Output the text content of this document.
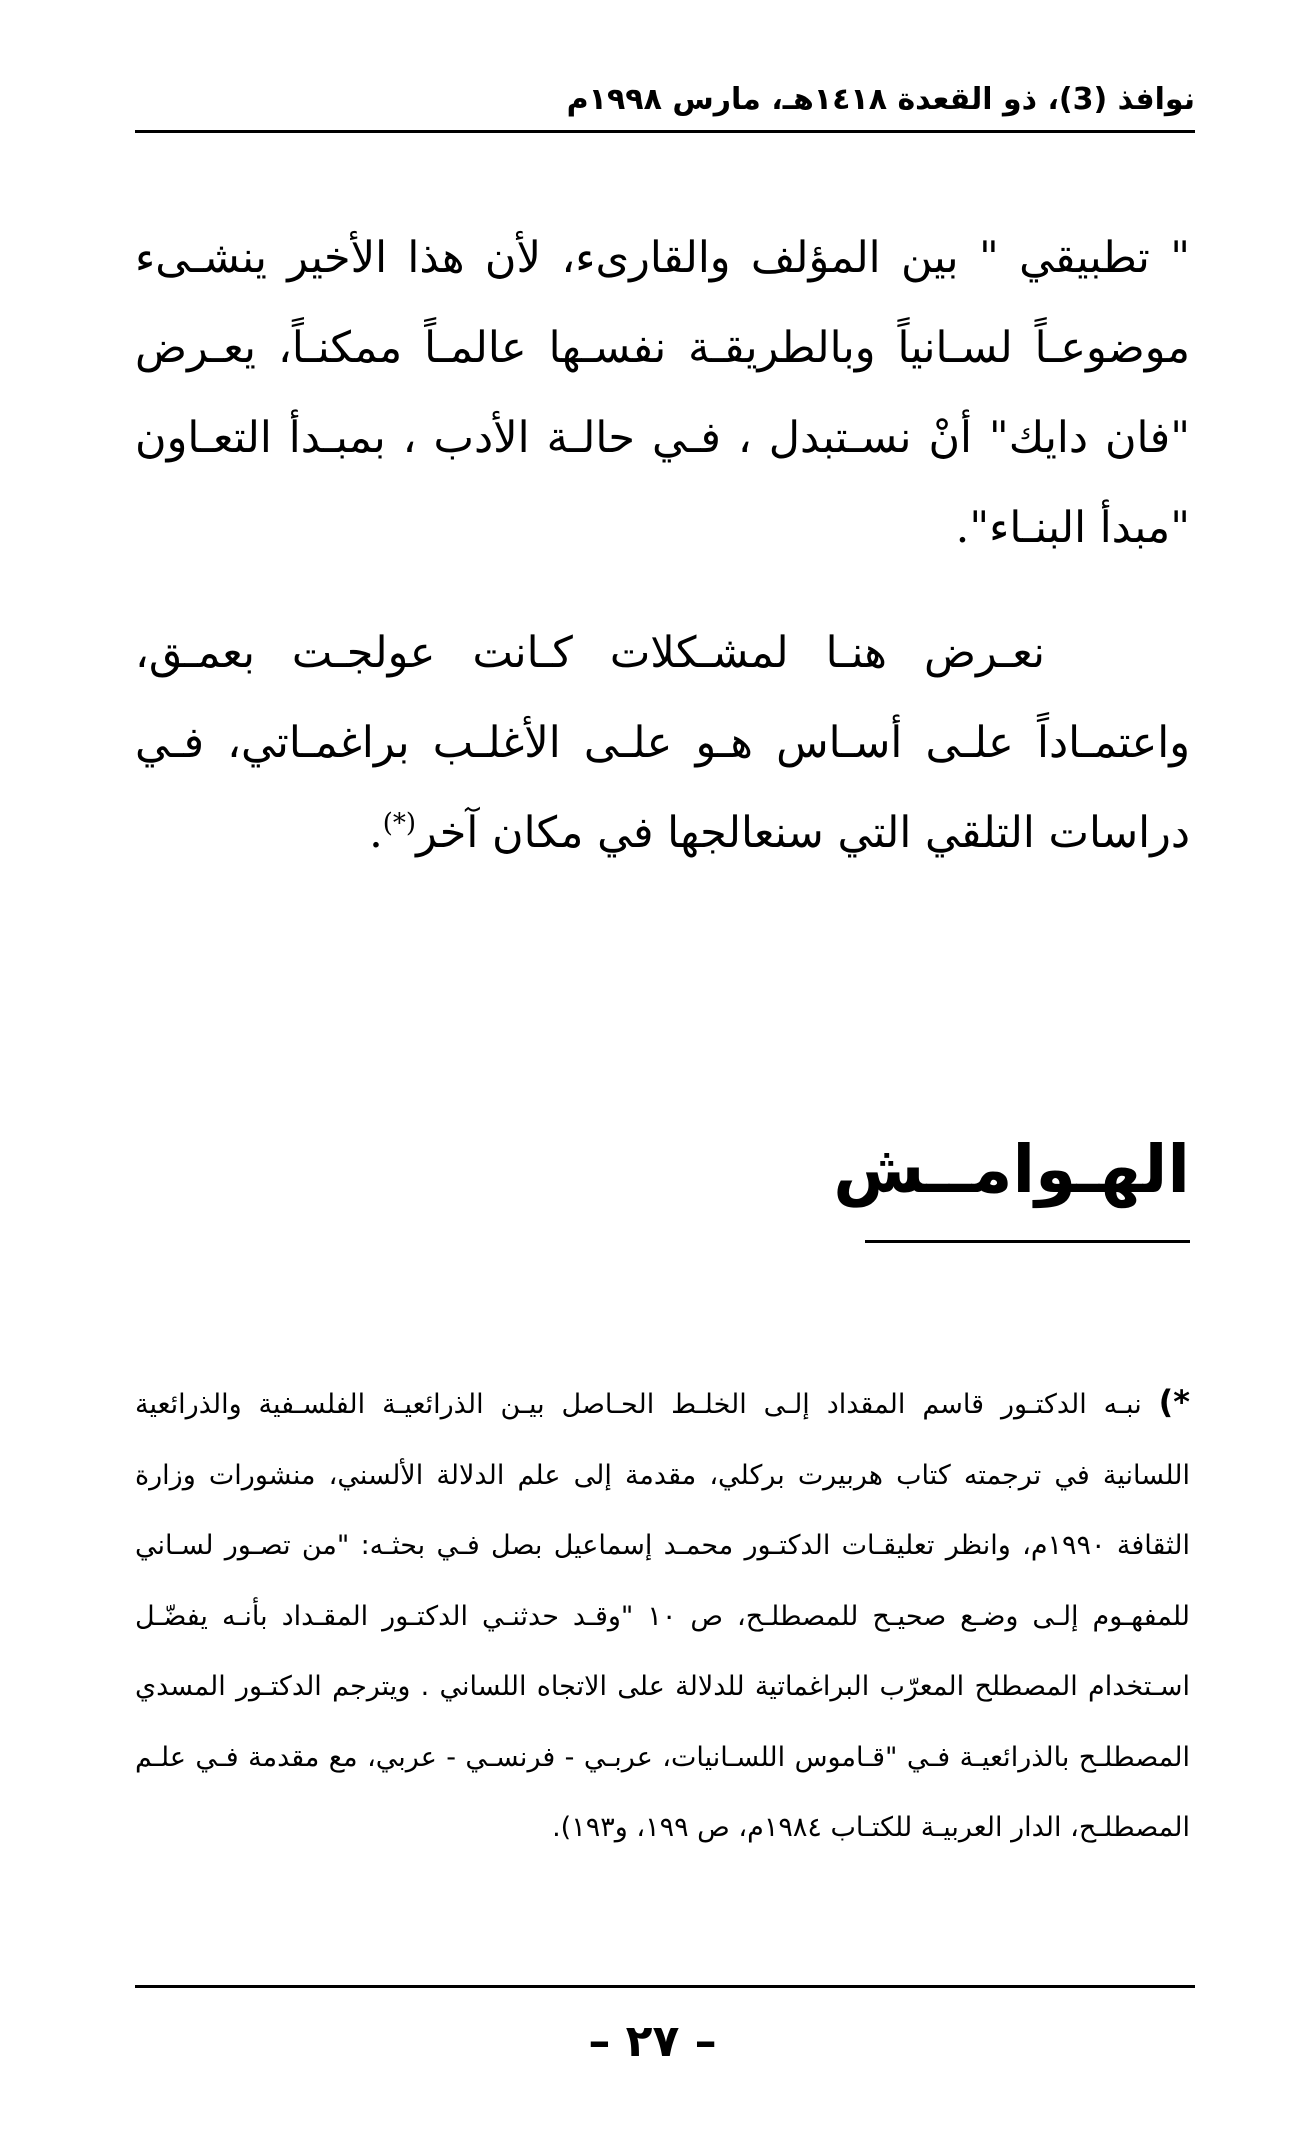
نوافذ (3)، ذو القعدة ١٤١٨هـ، مارس ١٩٩٨م

" تطبيقي " بين المؤلف والقارىء، لأن هذا الأخير ينشـىء موضوعـاً لسـانياً وبالطريقـة نفسـها عالمـاً ممكنـاً، يعـرض "فان دايك" أنْ نسـتبدل ، فـي حالـة الأدب ، بمبـدأ التعـاون "مبدأ البنـاء".

نعـرض هنـا لمشـكلات كـانت عولجـت بعمـق، واعتمـاداً علـى أسـاس هـو علـى الأغلـب براغمـاتي، فـي دراسات التلقي التي سنعالجها في مكان آخر(*).

الهـوامــش

*) نبـه الدكتـور قاسم المقداد إلـى الخلـط الحـاصل بيـن الذرائعيـة الفلسـفية والذرائعية اللسانية في ترجمته كتاب هربيرت بركلي، مقدمة إلى علم الدلالة الألسني، منشورات وزارة الثقافة ١٩٩٠م، وانظر تعليقـات الدكتـور محمـد إسماعيل بصل فـي بحثـه: "من تصـور لسـاني للمفهـوم إلـى وضـع صحيـح للمصطلـح، ص ١٠ "وقـد حدثنـي الدكتـور المقـداد بأنـه يفضّـل اسـتخدام المصطلح المعرّب البراغماتية للدلالة على الاتجاه اللساني . ويترجم الدكتـور المسدي المصطلـح بالذرائعيـة فـي "قـاموس اللسـانيات، عربـي - فرنسـي - عربي، مع مقدمة فـي علـم المصطلـح، الدار العربيـة للكتـاب ١٩٨٤م، ص ١٩٩، و١٩٣).

– ٢٧ –
